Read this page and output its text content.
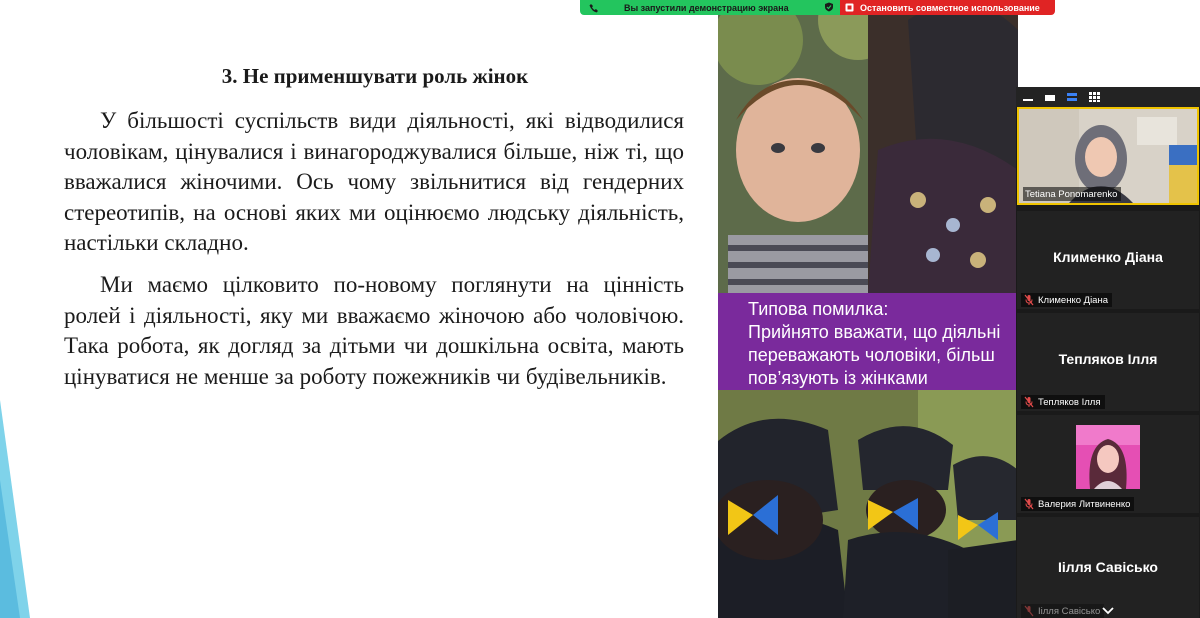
3. Не применшувати роль жінок

У більшості суспільств види діяльності, які відводилися чоловікам, цінувалися і винагороджувалися більше, ніж ті, що вважалися жіночими. Ось чому звільнитися від гендерних стереотипів, на основі яких ми оцінюємо людську діяльність, настільки складно.

Ми маємо цілковито по-новому поглянути на цінність ролей і діяльності, яку ми вважаємо жіночою або чоловічою. Така робота, як догляд за дітьми чи дошкільна освіта, мають цінуватися не менше за роботу пожежників чи будівельників.

Типова помилка:
Прийнято вважати, що діяльні
переважають чоловіки, більш
пов’язують із жінками
Вы запустили демонстрацию экрана	Остановить совместное использование
Tetiana Ponomarenko
Клименко Діана
Клименко Діана
Тепляков Ілля
Тепляков Ілля
Валерия Литвиненко
Іілля Савісько
Іілля Савісько
